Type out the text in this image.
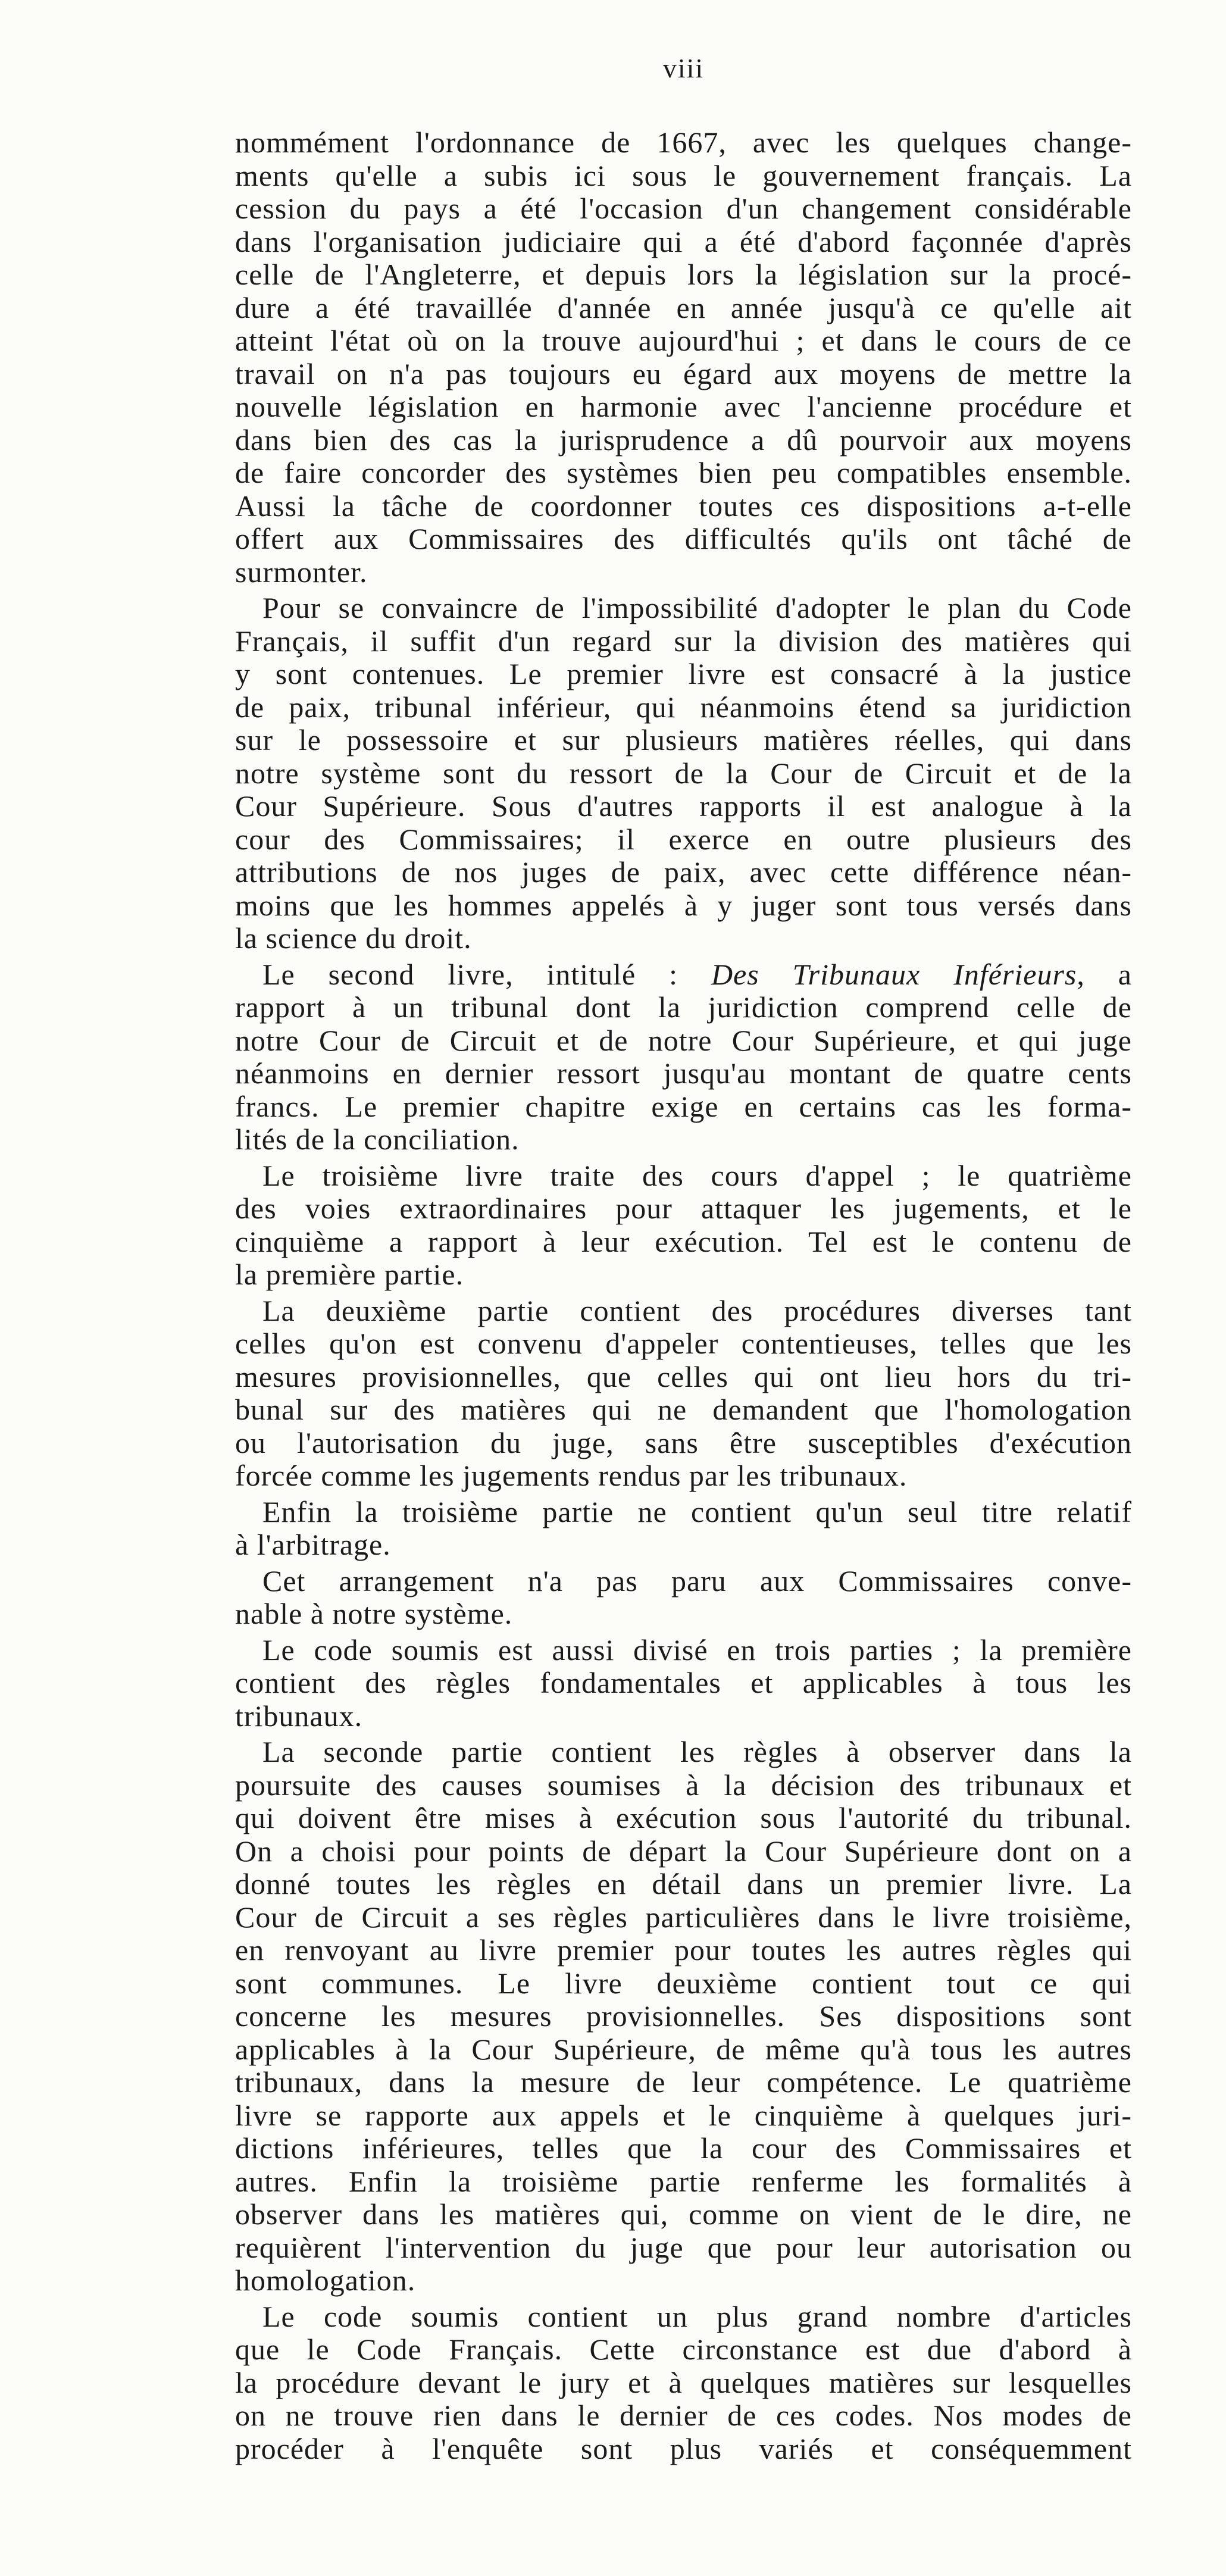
viii
nommément l'ordonnance de 1667, avec les quelques change-
ments qu'elle a subis ici sous le gouvernement français. La
cession du pays a été l'occasion d'un changement considérable
dans l'organisation judiciaire qui a été d'abord façonnée d'après
celle de l'Angleterre, et depuis lors la législation sur la procé-
dure a été travaillée d'année en année jusqu'à ce qu'elle ait
atteint l'état où on la trouve aujourd'hui ; et dans le cours de ce
travail on n'a pas toujours eu égard aux moyens de mettre la
nouvelle législation en harmonie avec l'ancienne procédure et
dans bien des cas la jurisprudence a dû pourvoir aux moyens
de faire concorder des systèmes bien peu compatibles ensemble.
Aussi la tâche de coordonner toutes ces dispositions a-t-elle
offert aux Commissaires des difficultés qu'ils ont tâché de
surmonter.
Pour se convaincre de l'impossibilité d'adopter le plan du Code
Français, il suffit d'un regard sur la division des matières qui
y sont contenues. Le premier livre est consacré à la justice
de paix, tribunal inférieur, qui néanmoins étend sa juridiction
sur le possessoire et sur plusieurs matières réelles, qui dans
notre système sont du ressort de la Cour de Circuit et de la
Cour Supérieure. Sous d'autres rapports il est analogue à la
cour des Commissaires; il exerce en outre plusieurs des
attributions de nos juges de paix, avec cette différence néan-
moins que les hommes appelés à y juger sont tous versés dans
la science du droit.
Le second livre, intitulé : Des Tribunaux Inférieurs, a
rapport à un tribunal dont la juridiction comprend celle de
notre Cour de Circuit et de notre Cour Supérieure, et qui juge
néanmoins en dernier ressort jusqu'au montant de quatre cents
francs. Le premier chapitre exige en certains cas les forma-
lités de la conciliation.
Le troisième livre traite des cours d'appel ; le quatrième
des voies extraordinaires pour attaquer les jugements, et le
cinquième a rapport à leur exécution. Tel est le contenu de
la première partie.
La deuxième partie contient des procédures diverses tant
celles qu'on est convenu d'appeler contentieuses, telles que les
mesures provisionnelles, que celles qui ont lieu hors du tri-
bunal sur des matières qui ne demandent que l'homologation
ou l'autorisation du juge, sans être susceptibles d'exécution
forcée comme les jugements rendus par les tribunaux.
Enfin la troisième partie ne contient qu'un seul titre relatif
à l'arbitrage.
Cet arrangement n'a pas paru aux Commissaires conve-
nable à notre système.
Le code soumis est aussi divisé en trois parties ; la première
contient des règles fondamentales et applicables à tous les
tribunaux.
La seconde partie contient les règles à observer dans la
poursuite des causes soumises à la décision des tribunaux et
qui doivent être mises à exécution sous l'autorité du tribunal.
On a choisi pour points de départ la Cour Supérieure dont on a
donné toutes les règles en détail dans un premier livre. La
Cour de Circuit a ses règles particulières dans le livre troisième,
en renvoyant au livre premier pour toutes les autres règles qui
sont communes. Le livre deuxième contient tout ce qui
concerne les mesures provisionnelles. Ses dispositions sont
applicables à la Cour Supérieure, de même qu'à tous les autres
tribunaux, dans la mesure de leur compétence. Le quatrième
livre se rapporte aux appels et le cinquième à quelques juri-
dictions inférieures, telles que la cour des Commissaires et
autres. Enfin la troisième partie renferme les formalités à
observer dans les matières qui, comme on vient de le dire, ne
requièrent l'intervention du juge que pour leur autorisation ou
homologation.
Le code soumis contient un plus grand nombre d'articles
que le Code Français. Cette circonstance est due d'abord à
la procédure devant le jury et à quelques matières sur lesquelles
on ne trouve rien dans le dernier de ces codes. Nos modes de
procéder à l'enquête sont plus variés et conséquemment
